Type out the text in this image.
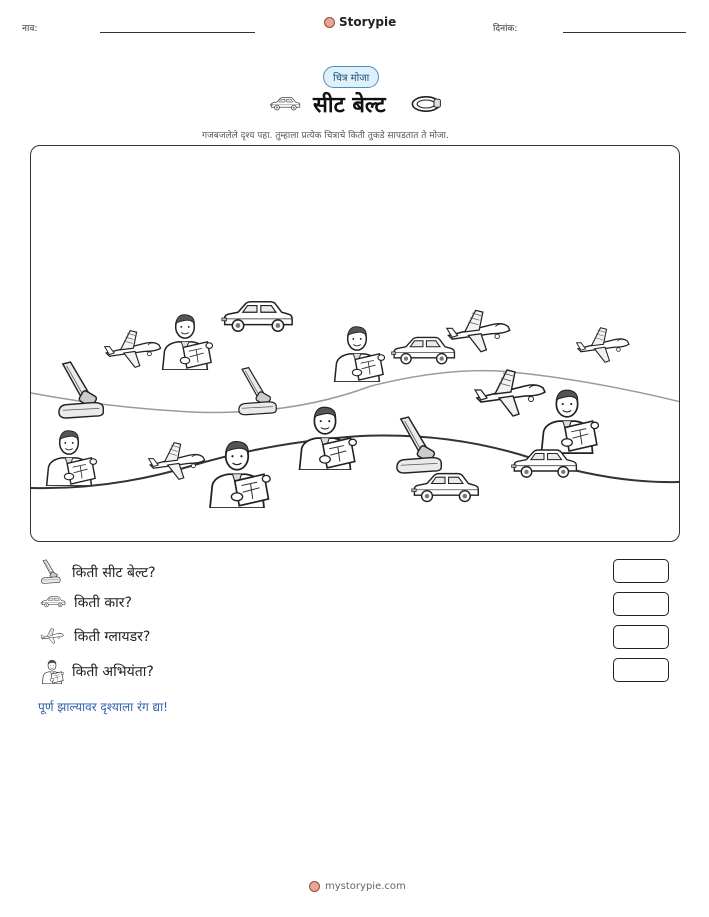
नाव:	Storypie	दिनांक:
चित्र मोजा
सीट बेल्ट
गजबजलेले दृश्य पहा. तुम्हाला प्रत्येक चित्राचे किती तुकडे सापडतात ते मोजा.
किती सीट बेल्ट?
किती कार?
किती ग्लायडर?
किती अभियंता?
पूर्ण झाल्यावर दृश्याला रंग द्या!
mystorypie.com
